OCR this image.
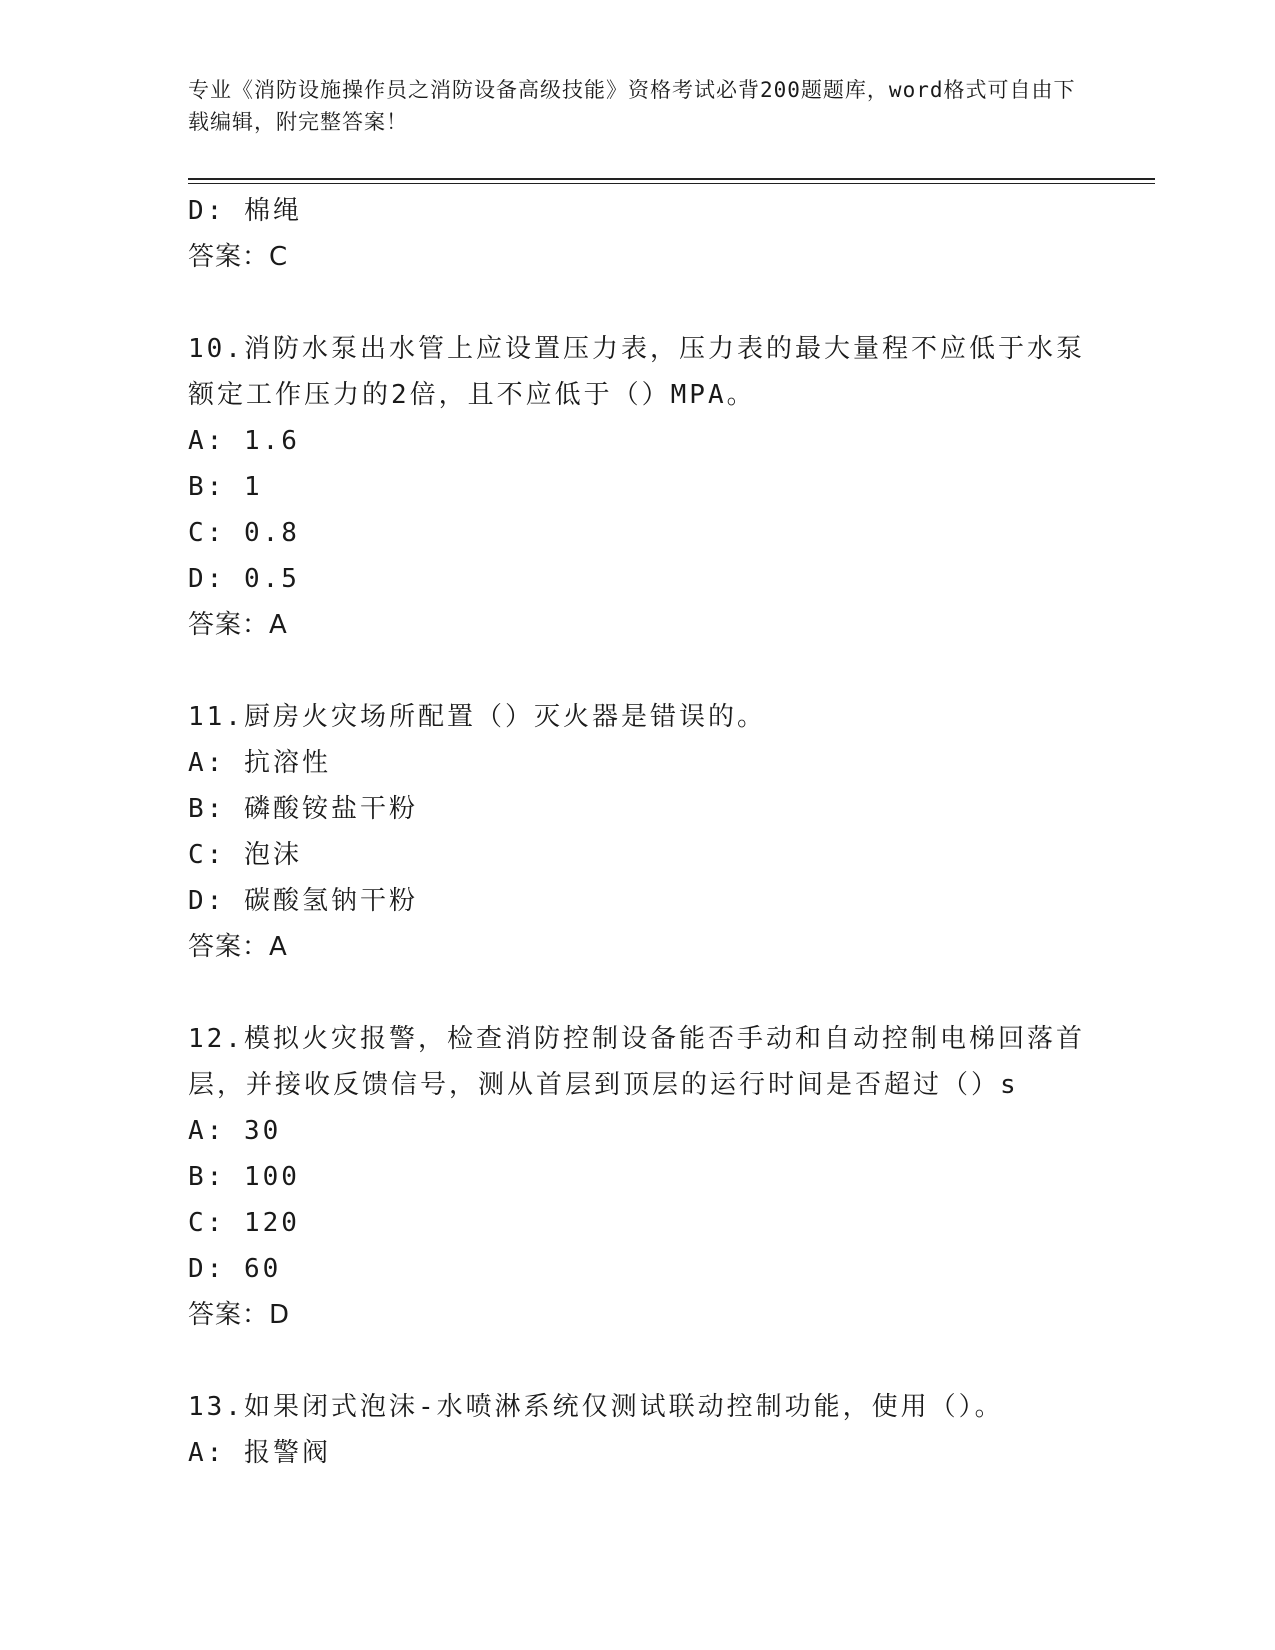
专业《消防设施操作员之消防设备高级技能》资格考试必背200题题库，word格式可自由下载编辑，附完整答案！
D: 棉绳
答案：C
10.消防水泵出水管上应设置压力表，压力表的最大量程不应低于水泵
额定工作压力的2倍，且不应低于（）MPA。
A: 1.6
B: 1
C: 0.8
D: 0.5
答案：A
11.厨房火灾场所配置（）灭火器是错误的。
A: 抗溶性
B: 磷酸铵盐干粉
C: 泡沫
D: 碳酸氢钠干粉
答案：A
12.模拟火灾报警，检查消防控制设备能否手动和自动控制电梯回落首
层，并接收反馈信号，测从首层到顶层的运行时间是否超过（）s
A: 30
B: 100
C: 120
D: 60
答案：D
13.如果闭式泡沫-水喷淋系统仅测试联动控制功能，使用（）。
A: 报警阀
